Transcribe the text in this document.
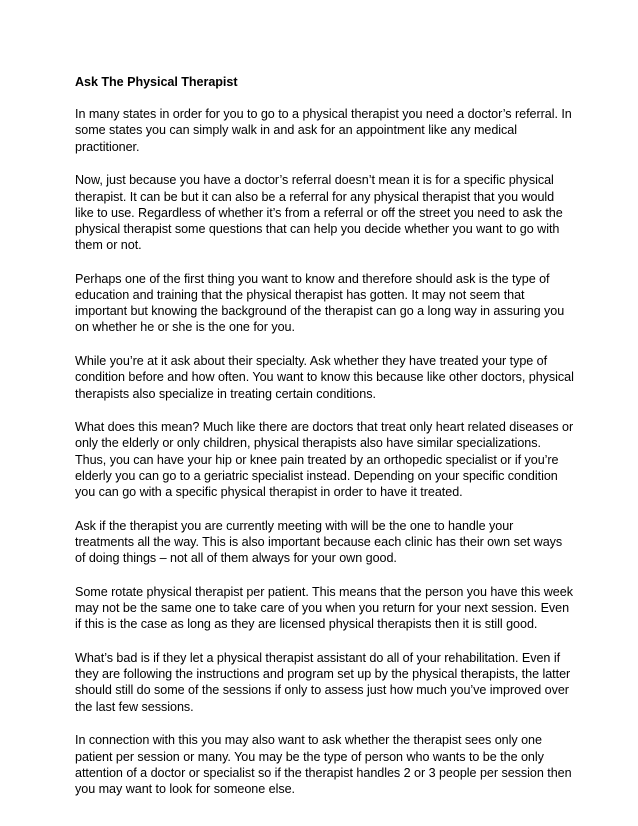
Ask The Physical Therapist

In many states in order for you to go to a physical therapist you need a doctor’s referral. In some states you can simply walk in and ask for an appointment like any medical practitioner.

Now, just because you have a doctor’s referral doesn’t mean it is for a specific physical therapist. It can be but it can also be a referral for any physical therapist that you would like to use. Regardless of whether it’s from a referral or off the street you need to ask the physical therapist some questions that can help you decide whether you want to go with them or not.

Perhaps one of the first thing you want to know and therefore should ask is the type of education and training that the physical therapist has gotten. It may not seem that important but knowing the background of the therapist can go a long way in assuring you on whether he or she is the one for you.

While you’re at it ask about their specialty. Ask whether they have treated your type of condition before and how often. You want to know this because like other doctors, physical therapists also specialize in treating certain conditions.

What does this mean? Much like there are doctors that treat only heart related diseases or only the elderly or only children, physical therapists also have similar specializations. Thus, you can have your hip or knee pain treated by an orthopedic specialist or if you’re elderly you can go to a geriatric specialist instead. Depending on your specific condition you can go with a specific physical therapist in order to have it treated.

Ask if the therapist you are currently meeting with will be the one to handle your treatments all the way. This is also important because each clinic has their own set ways of doing things – not all of them always for your own good.

Some rotate physical therapist per patient. This means that the person you have this week may not be the same one to take care of you when you return for your next session. Even if this is the case as long as they are licensed physical therapists then it is still good.

What’s bad is if they let a physical therapist assistant do all of your rehabilitation. Even if they are following the instructions and program set up by the physical therapists, the latter should still do some of the sessions if only to assess just how much you’ve improved over the last few sessions.

In connection with this you may also want to ask whether the therapist sees only one patient per session or many. You may be the type of person who wants to be the only attention of a doctor or specialist so if the therapist handles 2 or 3 people per session then you may want to look for someone else.
